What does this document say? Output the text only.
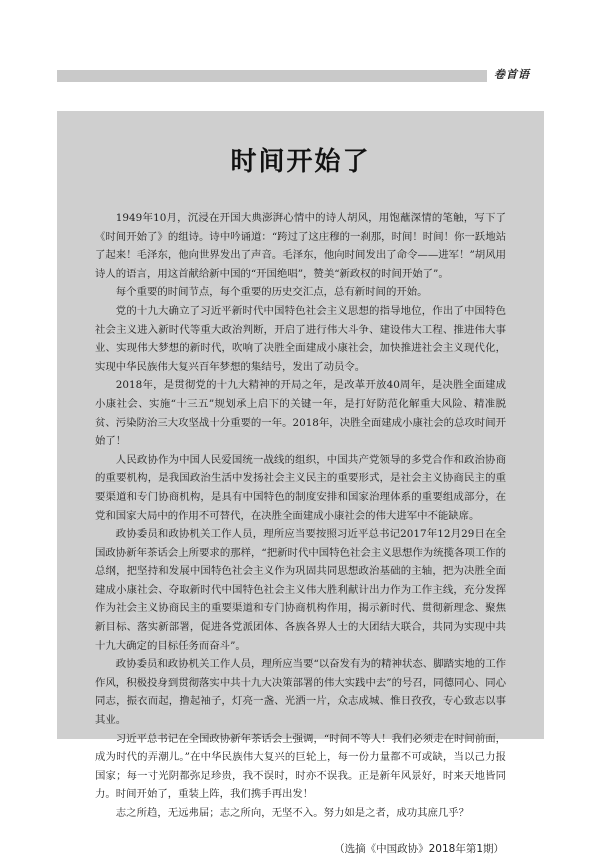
卷首语
时间开始了

1949年10月，沉浸在开国大典澎湃心情中的诗人胡风，用饱蘸深情的笔触，写下了《时间开始了》的组诗。诗中吟诵道：“跨过了这庄穆的一刹那，时间！时间！你一跃地站了起来！毛泽东，他向世界发出了声音。毛泽东，他向时间发出了命令——进军！”胡风用诗人的语言，用这首献给新中国的“开国绝唱”，赞美“新政权的时间开始了”。

每个重要的时间节点，每个重要的历史交汇点，总有新时间的开始。

党的十九大确立了习近平新时代中国特色社会主义思想的指导地位，作出了中国特色社会主义进入新时代等重大政治判断，开启了进行伟大斗争、建设伟大工程、推进伟大事业、实现伟大梦想的新时代，吹响了决胜全面建成小康社会，加快推进社会主义现代化，实现中华民族伟大复兴百年梦想的集结号，发出了动员令。

2018年，是贯彻党的十九大精神的开局之年，是改革开放40周年，是决胜全面建成小康社会、实施“十三五”规划承上启下的关键一年，是打好防范化解重大风险、精准脱贫、污染防治三大攻坚战十分重要的一年。2018年，决胜全面建成小康社会的总攻时间开始了！

人民政协作为中国人民爱国统一战线的组织，中国共产党领导的多党合作和政治协商的重要机构，是我国政治生活中发扬社会主义民主的重要形式，是社会主义协商民主的重要渠道和专门协商机构，是具有中国特色的制度安排和国家治理体系的重要组成部分，在党和国家大局中的作用不可替代，在决胜全面建成小康社会的伟大进军中不能缺席。

政协委员和政协机关工作人员，理所应当要按照习近平总书记2017年12月29日在全国政协新年茶话会上所要求的那样，“把新时代中国特色社会主义思想作为统揽各项工作的总纲，把坚持和发展中国特色社会主义作为巩固共同思想政治基础的主轴，把为决胜全面建成小康社会、夺取新时代中国特色社会主义伟大胜利献计出力作为工作主线，充分发挥作为社会主义协商民主的重要渠道和专门协商机构作用，揭示新时代、贯彻新理念、聚焦新目标、落实新部署，促进各党派团体、各族各界人士的大团结大联合，共同为实现中共十九大确定的目标任务而奋斗”。

政协委员和政协机关工作人员，理所应当要“以奋发有为的精神状态、脚踏实地的工作作风，积极投身到贯彻落实中共十九大决策部署的伟大实践中去”的号召，同德同心、同心同志，振衣而起，撸起袖子，灯亮一盏、光洒一片，众志成城、惟日孜孜，专心致志以事其业。

习近平总书记在全国政协新年茶话会上强调，“时间不等人！我们必须走在时间前面，成为时代的弄潮儿。”在中华民族伟大复兴的巨轮上，每一份力量都不可或缺，当以己力报国家；每一寸光阴都弥足珍贵，我不误时，时亦不误我。正是新年风景好，时来天地皆同力。时间开始了，重装上阵，我们携手再出发！

志之所趋，无远弗届；志之所向，无坚不入。努力如是之者，成功其庶几乎？

（选摘《中国政协》2018年第1期）
